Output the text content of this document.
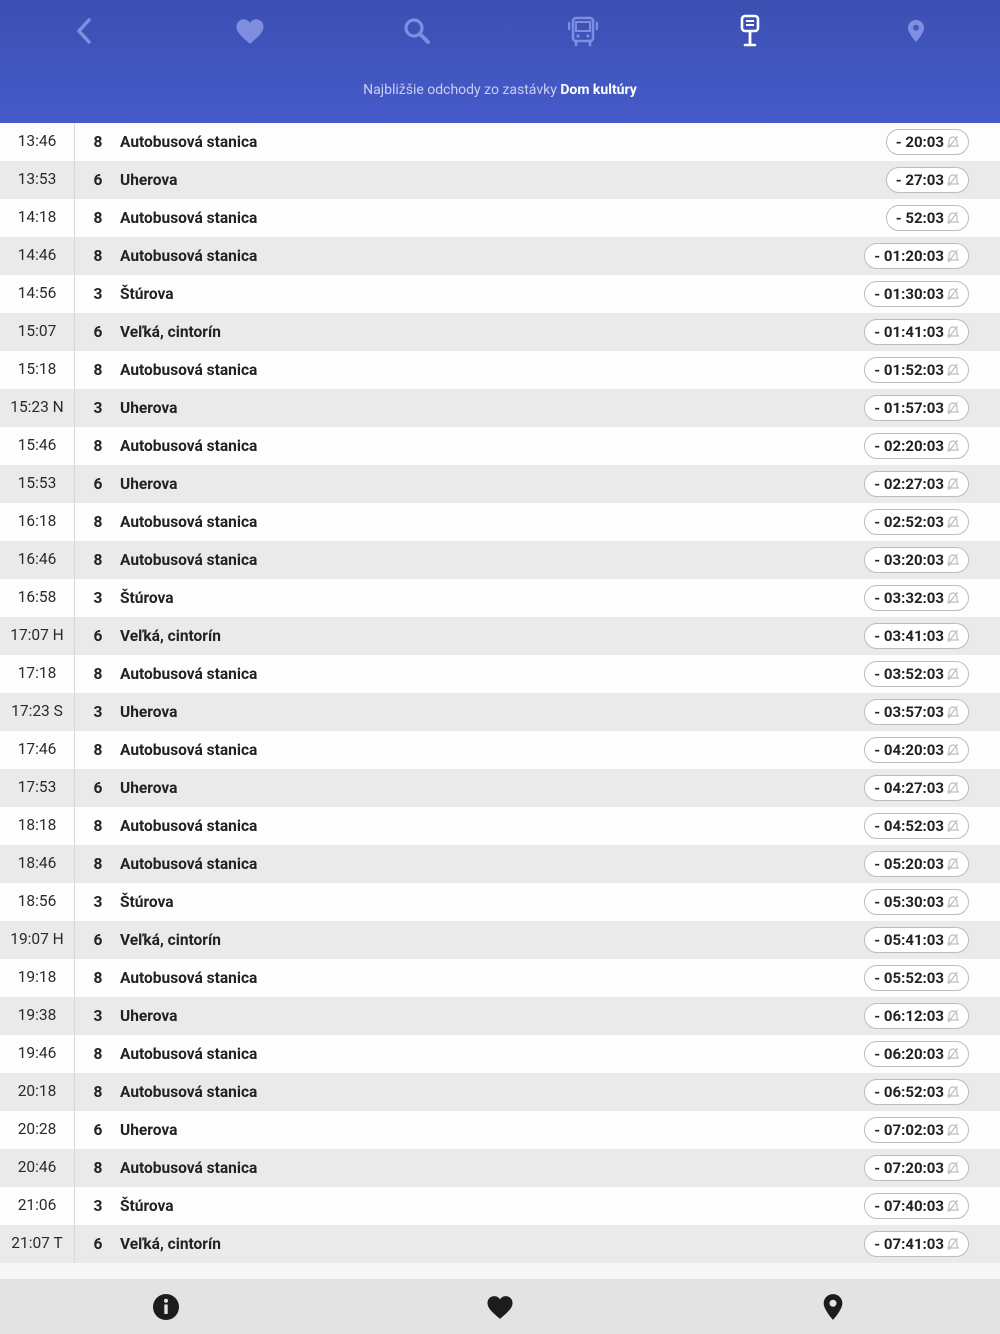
Najbližšie odchody zo zastávky Dom kultúry
13:46	8	Autobusová stanica	- 20:03
13:53	6	Uherova	- 27:03
14:18	8	Autobusová stanica	- 52:03
14:46	8	Autobusová stanica	- 01:20:03
14:56	3	Štúrova	- 01:30:03
15:07	6	Veľká, cintorín	- 01:41:03
15:18	8	Autobusová stanica	- 01:52:03
15:23 N	3	Uherova	- 01:57:03
15:46	8	Autobusová stanica	- 02:20:03
15:53	6	Uherova	- 02:27:03
16:18	8	Autobusová stanica	- 02:52:03
16:46	8	Autobusová stanica	- 03:20:03
16:58	3	Štúrova	- 03:32:03
17:07 H	6	Veľká, cintorín	- 03:41:03
17:18	8	Autobusová stanica	- 03:52:03
17:23 S	3	Uherova	- 03:57:03
17:46	8	Autobusová stanica	- 04:20:03
17:53	6	Uherova	- 04:27:03
18:18	8	Autobusová stanica	- 04:52:03
18:46	8	Autobusová stanica	- 05:20:03
18:56	3	Štúrova	- 05:30:03
19:07 H	6	Veľká, cintorín	- 05:41:03
19:18	8	Autobusová stanica	- 05:52:03
19:38	3	Uherova	- 06:12:03
19:46	8	Autobusová stanica	- 06:20:03
20:18	8	Autobusová stanica	- 06:52:03
20:28	6	Uherova	- 07:02:03
20:46	8	Autobusová stanica	- 07:20:03
21:06	3	Štúrova	- 07:40:03
21:07 T	6	Veľká, cintorín	- 07:41:03
